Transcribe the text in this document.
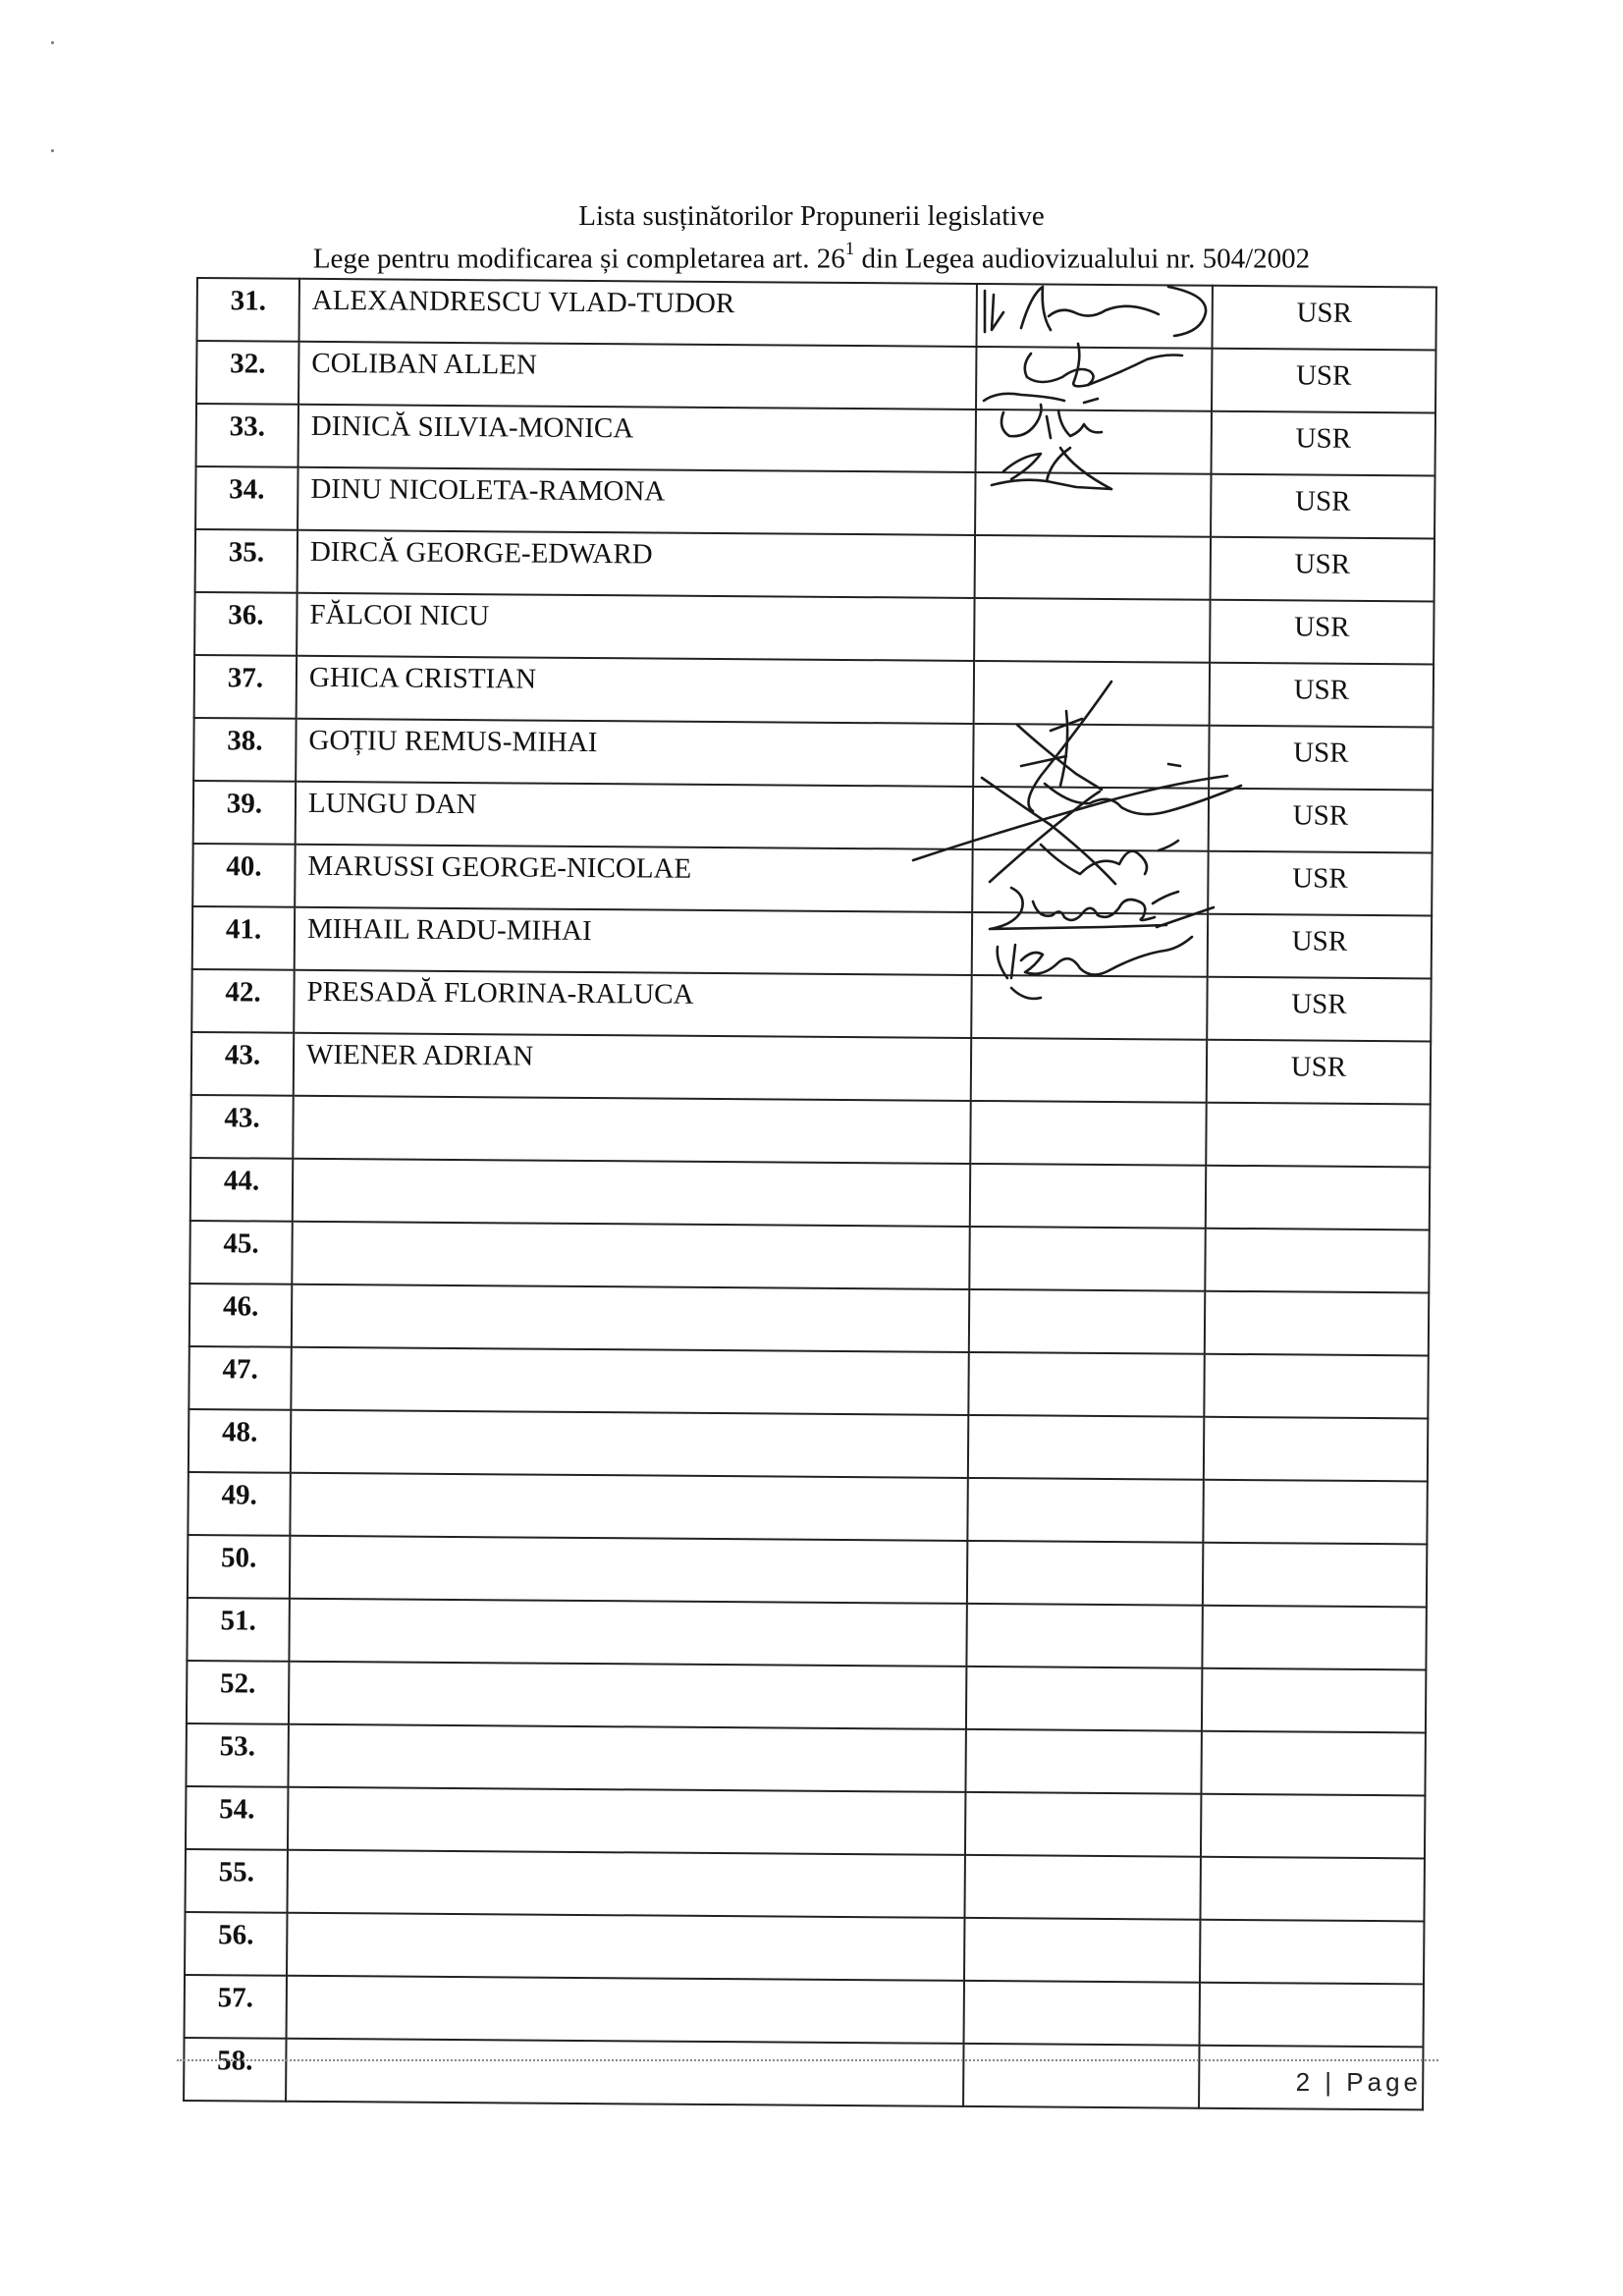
Lista susținătorilor Propunerii legislative
Lege pentru modificarea și completarea art. $26^1$ din Legea audiovizualului nr. 504/2002
31.	ALEXANDRESCU VLAD-TUDOR		USR
32.	COLIBAN ALLEN		USR
33.	DINICĂ SILVIA-MONICA		USR
34.	DINU NICOLETA-RAMONA		USR
35.	DIRCĂ GEORGE-EDWARD		USR
36.	FĂLCOI NICU		USR
37.	GHICA CRISTIAN		USR
38.	GOȚIU REMUS-MIHAI		USR
39.	LUNGU DAN		USR
40.	MARUSSI GEORGE-NICOLAE		USR
41.	MIHAIL RADU-MIHAI		USR
42.	PRESADĂ FLORINA-RALUCA		USR
43.	WIENER ADRIAN		USR
43.			
44.			
45.			
46.			
47.			
48.			
49.			
50.			
51.			
52.			
53.			
54.			
55.			
56.			
57.			
58.			
2 | Page
